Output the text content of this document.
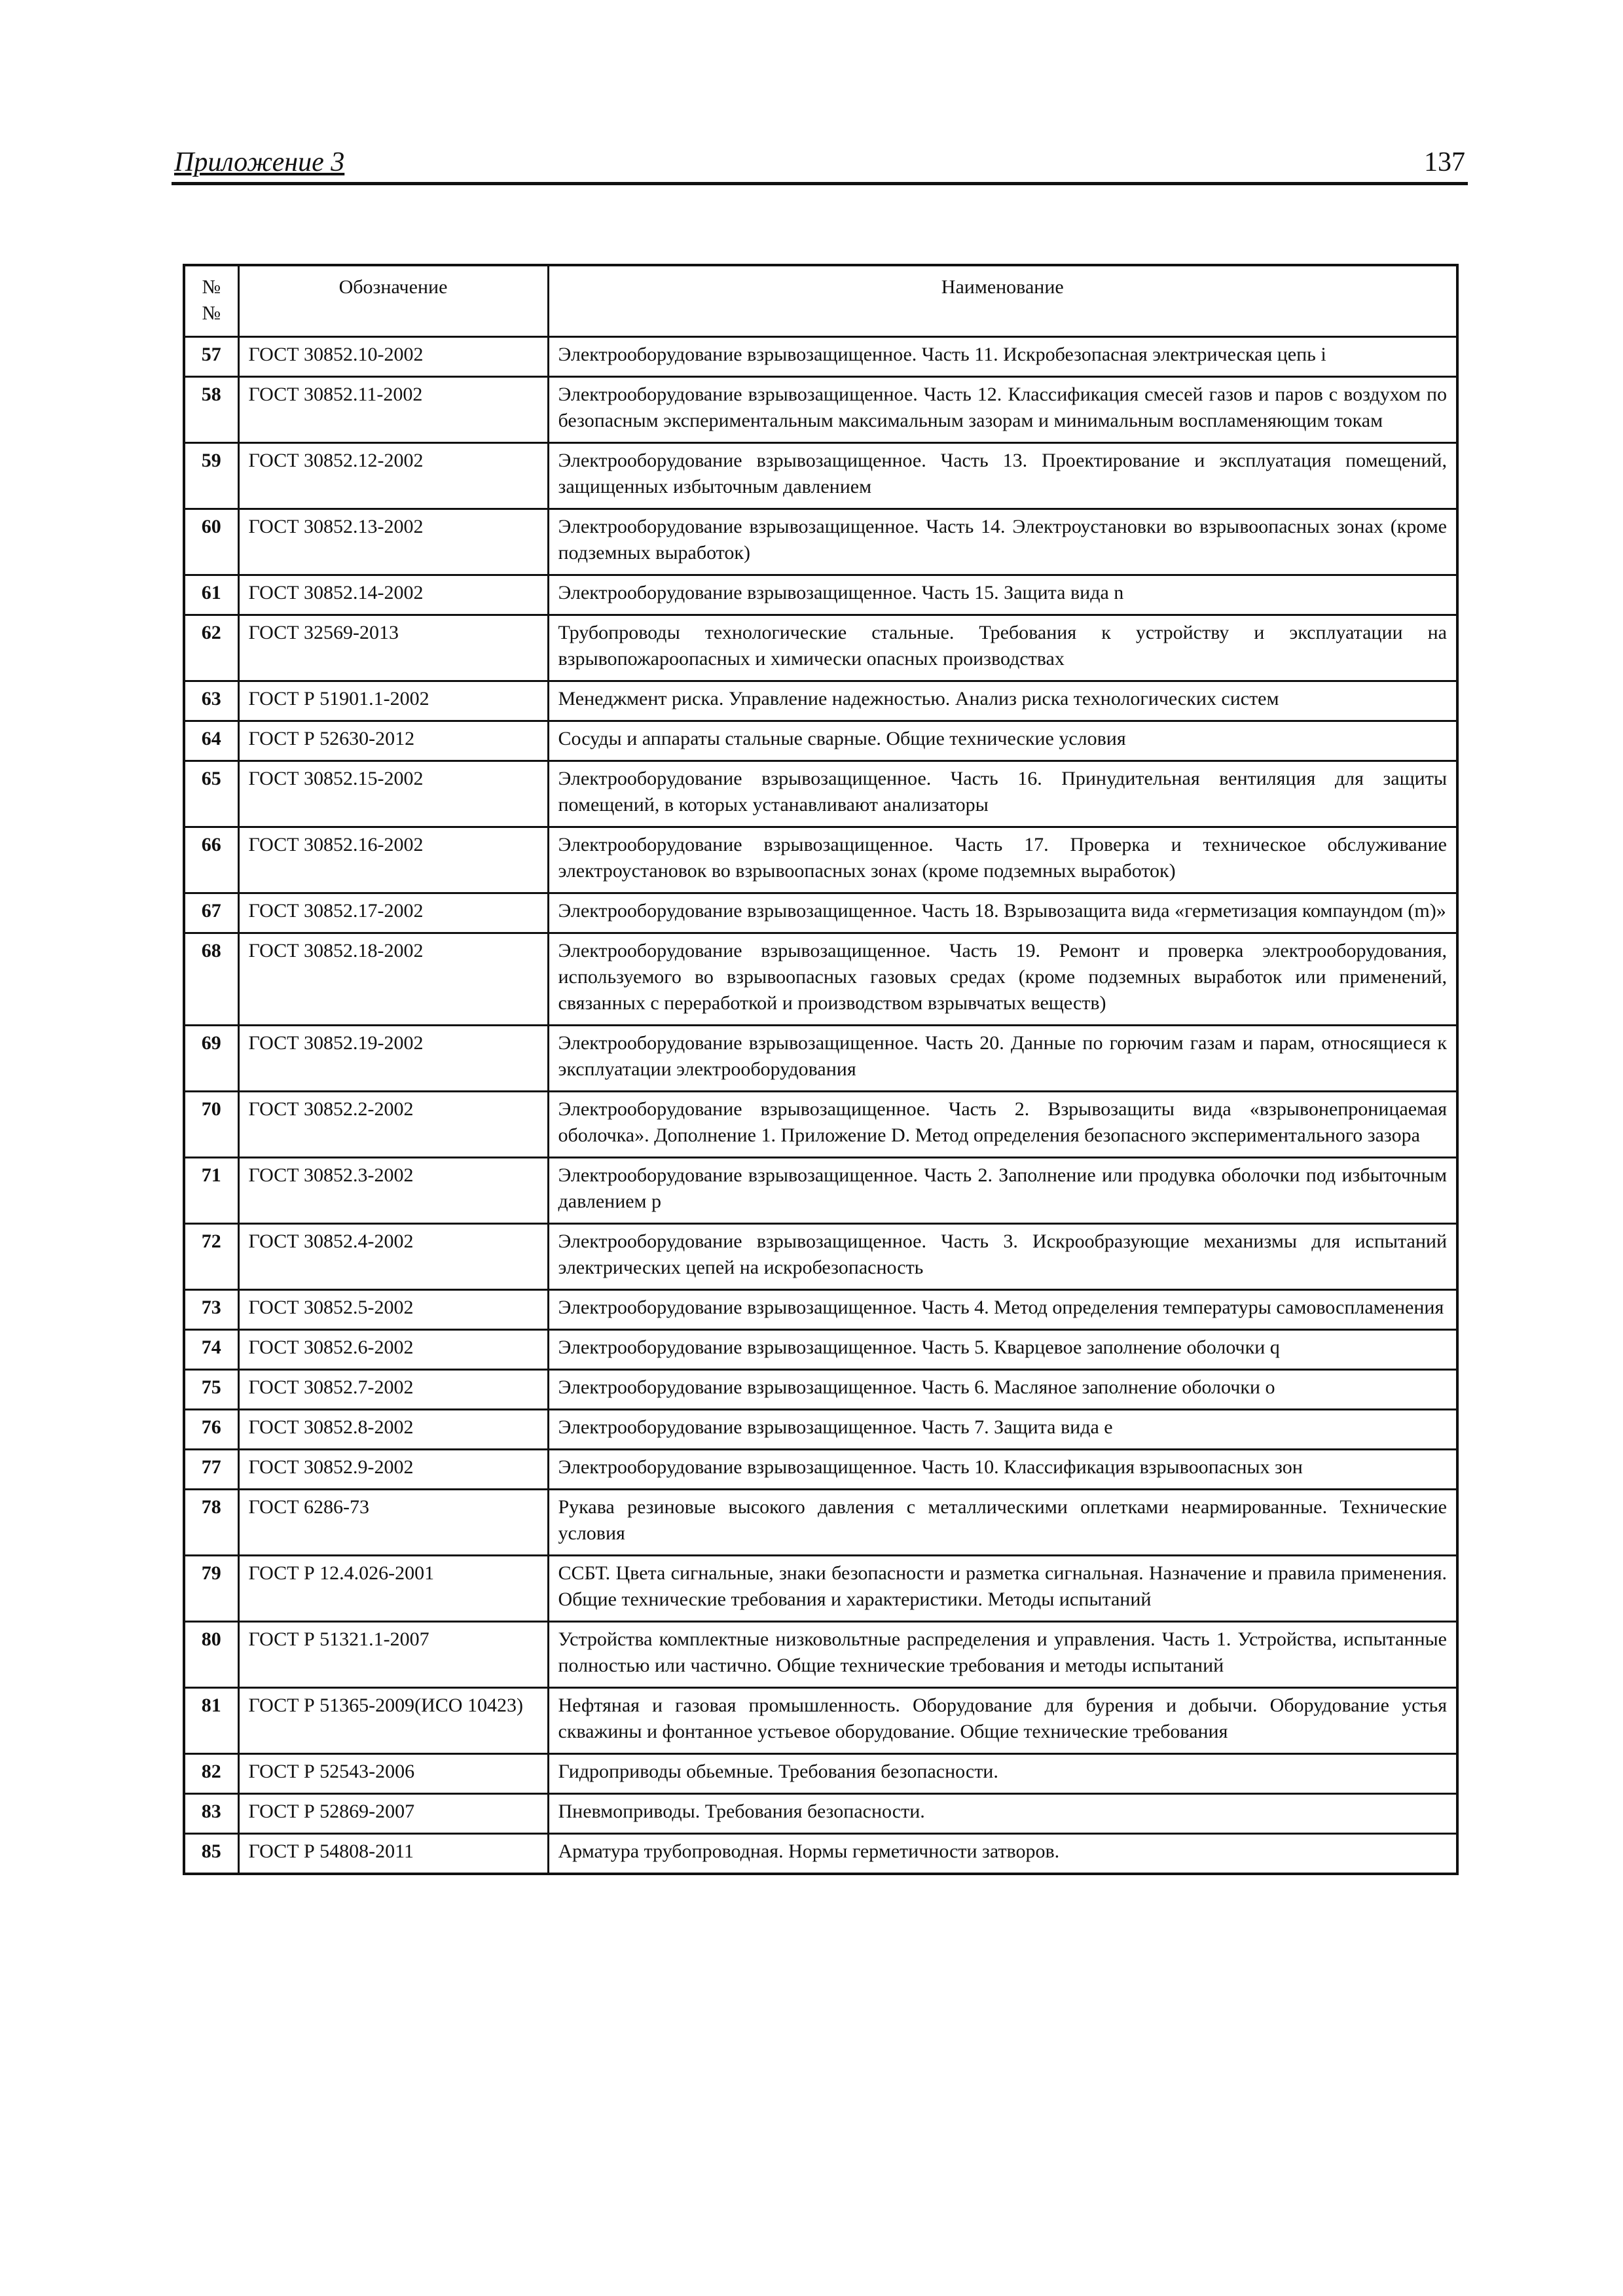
Приложение 3	137
№№	Обозначение	Наименование
57	ГОСТ 30852.10-2002	Электрооборудование взрывозащищенное. Часть 11. Искробезопасная электрическая цепь i
58	ГОСТ 30852.11-2002	Электрооборудование взрывозащищенное. Часть 12. Классификация смесей газов и паров с воздухом по безопасным экспериментальным максимальным зазорам и минимальным воспламеняющим токам
59	ГОСТ 30852.12-2002	Электрооборудование взрывозащищенное. Часть 13. Проектирование и эксплуатация помещений, защищенных избыточным давлением
60	ГОСТ 30852.13-2002	Электрооборудование взрывозащищенное. Часть 14. Электроустановки во взрывоопасных зонах (кроме подземных выработок)
61	ГОСТ 30852.14-2002	Электрооборудование взрывозащищенное. Часть 15. Защита вида n
62	ГОСТ 32569-2013	Трубопроводы технологические стальные. Требования к устройству и эксплуатации на взрывопожароопасных и химически опасных производствах
63	ГОСТ Р 51901.1-2002	Менеджмент риска. Управление надежностью. Анализ риска технологических систем
64	ГОСТ Р 52630-2012	Сосуды и аппараты стальные сварные. Общие технические условия
65	ГОСТ 30852.15-2002	Электрооборудование взрывозащищенное. Часть 16. Принудительная вентиляция для защиты помещений, в которых устанавливают анализаторы
66	ГОСТ 30852.16-2002	Электрооборудование взрывозащищенное. Часть 17. Проверка и техническое обслуживание электроустановок во взрывоопасных зонах (кроме подземных выработок)
67	ГОСТ 30852.17-2002	Электрооборудование взрывозащищенное. Часть 18. Взрывозащита вида «герметизация компаундом (m)»
68	ГОСТ 30852.18-2002	Электрооборудование взрывозащищенное. Часть 19. Ремонт и проверка электрооборудования, используемого во взрывоопасных газовых средах (кроме подземных выработок или применений, связанных с переработкой и производством взрывчатых веществ)
69	ГОСТ 30852.19-2002	Электрооборудование взрывозащищенное. Часть 20. Данные по горючим газам и парам, относящиеся к эксплуатации электрооборудования
70	ГОСТ 30852.2-2002	Электрооборудование взрывозащищенное. Часть 2. Взрывозащиты вида «взрывонепроницаемая оболочка». Дополнение 1. Приложение D. Метод определения безопасного экспериментального зазора
71	ГОСТ 30852.3-2002	Электрооборудование взрывозащищенное. Часть 2. Заполнение или продувка оболочки под избыточным давлением p
72	ГОСТ 30852.4-2002	Электрооборудование взрывозащищенное. Часть 3. Искрообразующие механизмы для испытаний электрических цепей на искробезопасность
73	ГОСТ 30852.5-2002	Электрооборудование взрывозащищенное. Часть 4. Метод определения температуры самовоспламенения
74	ГОСТ 30852.6-2002	Электрооборудование взрывозащищенное. Часть 5. Кварцевое заполнение оболочки q
75	ГОСТ 30852.7-2002	Электрооборудование взрывозащищенное. Часть 6. Масляное заполнение оболочки о
76	ГОСТ 30852.8-2002	Электрооборудование взрывозащищенное. Часть 7. Защита вида е
77	ГОСТ 30852.9-2002	Электрооборудование взрывозащищенное. Часть 10. Классификация взрывоопасных зон
78	ГОСТ 6286-73	Рукава резиновые высокого давления с металлическими оплетками неармированные. Технические условия
79	ГОСТ Р 12.4.026-2001	ССБТ. Цвета сигнальные, знаки безопасности и разметка сигнальная. Назначение и правила применения. Общие технические требования и характеристики. Методы испытаний
80	ГОСТ Р 51321.1-2007	Устройства комплектные низковольтные распределения и управления. Часть 1. Устройства, испытанные полностью или частично. Общие технические требования и методы испытаний
81	ГОСТ Р 51365-2009(ИСО 10423)	Нефтяная и газовая промышленность. Оборудование для бурения и добычи. Оборудование устья скважины и фонтанное устьевое оборудование. Общие технические требования
82	ГОСТ Р 52543-2006	Гидроприводы обьемные. Требования безопасности.
83	ГОСТ Р 52869-2007	Пневмоприводы. Требования безопасности.
85	ГОСТ Р 54808-2011	Арматура трубопроводная. Нормы герметичности затворов.
